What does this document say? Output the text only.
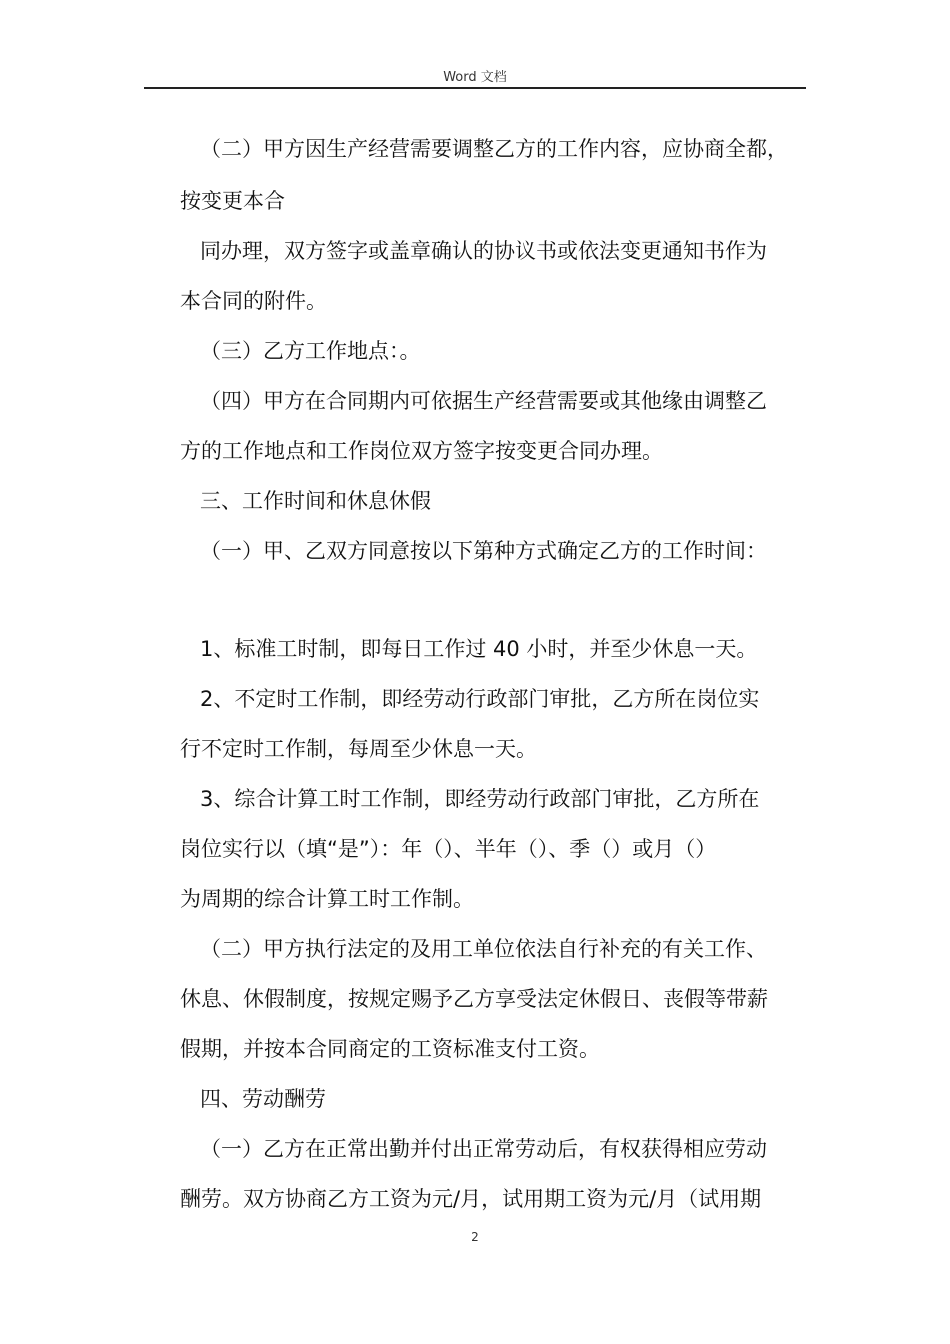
Word 文档
（二）甲方因生产经营需要调整乙方的工作内容，应协商全都，
按变更本合
同办理，双方签字或盖章确认的协议书或依法变更通知书作为
本合同的附件。
（三）乙方工作地点：。
（四）甲方在合同期内可依据生产经营需要或其他缘由调整乙
方的工作地点和工作岗位双方签字按变更合同办理。
三、工作时间和休息休假
（一）甲、乙双方同意按以下第种方式确定乙方的工作时间：
1、标准工时制，即每日工作过 40 小时，并至少休息一天。
2、不定时工作制，即经劳动行政部门审批，乙方所在岗位实
行不定时工作制，每周至少休息一天。
3、综合计算工时工作制，即经劳动行政部门审批，乙方所在
岗位实行以（填“是”）：年（）、半年（）、季（）或月（）
为周期的综合计算工时工作制。
（二）甲方执行法定的及用工单位依法自行补充的有关工作、
休息、休假制度，按规定赐予乙方享受法定休假日、丧假等带薪
假期，并按本合同商定的工资标准支付工资。
四、劳动酬劳
（一）乙方在正常出勤并付出正常劳动后，有权获得相应劳动
酬劳。双方协商乙方工资为元/月，试用期工资为元/月（试用期
2
